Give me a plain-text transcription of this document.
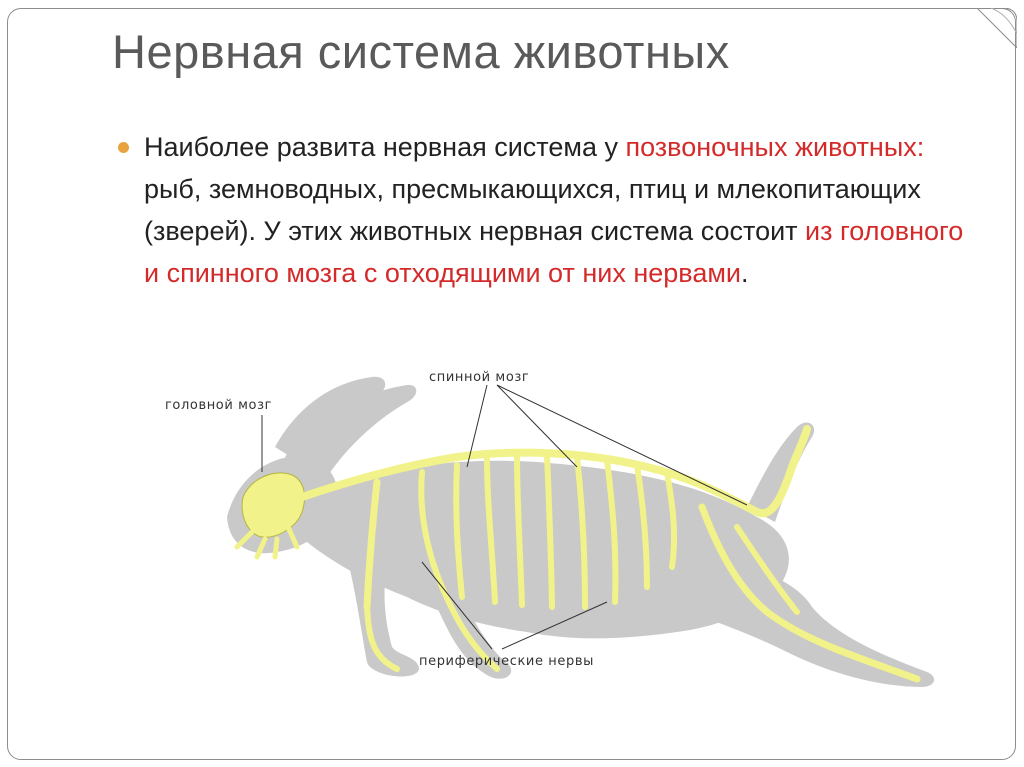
Нервная система животных
Наиболее развита нервная система у позвоночных животных: рыб, земноводных, пресмыкающихся, птиц и млекопитающих (зверей). У этих животных нервная система состоит из головного и спинного мозга с отходящими от них нервами.
головной мозг
спинной мозг
периферические нервы
